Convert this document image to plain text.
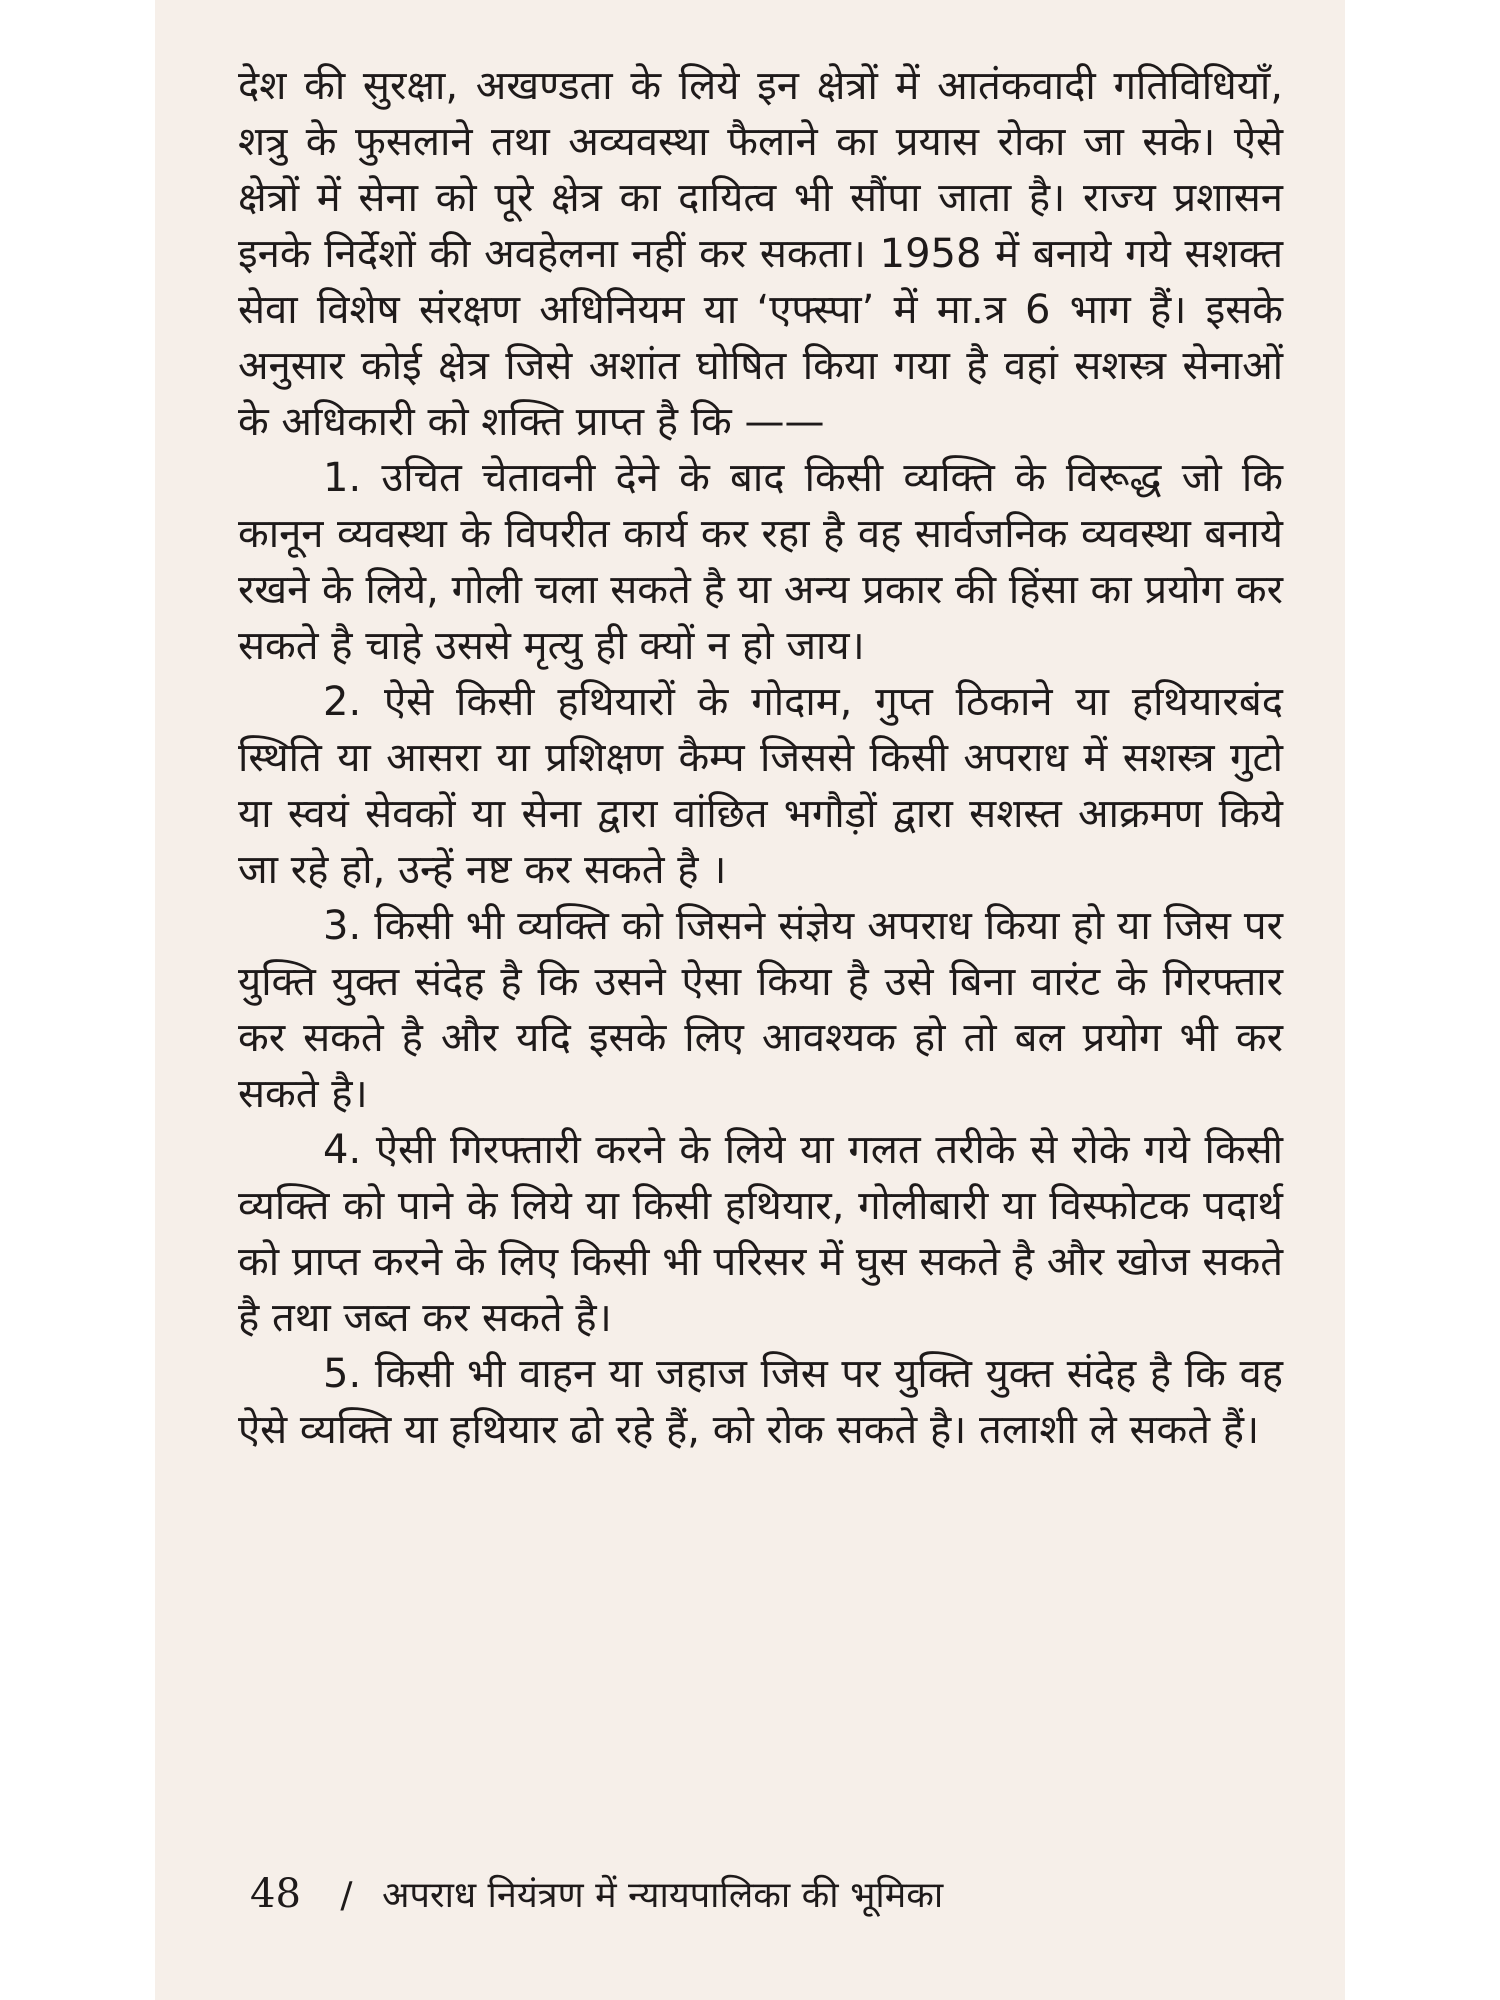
देश की सुरक्षा, अखण्डता के लिये इन क्षेत्रों में आतंकवादी गतिविधियाँ, शत्रु के फुसलाने तथा अव्यवस्था फैलाने का प्रयास रोका जा सके। ऐसे क्षेत्रों में सेना को पूरे क्षेत्र का दायित्व भी सौंपा जाता है। राज्य प्रशासन इनके निर्देशों की अवहेलना नहीं कर सकता। 1958 में बनाये गये सशक्त सेवा विशेष संरक्षण अधिनियम या ‘एफ्स्पा’ में मा.त्र 6 भाग हैं। इसके अनुसार कोई क्षेत्र जिसे अशांत घोषित किया गया है वहां सशस्त्र सेनाओं के अधिकारी को शक्ति प्राप्त है कि ——

1. उचित चेतावनी देने के बाद किसी व्यक्ति के विरूद्ध जो कि कानून व्यवस्था के विपरीत कार्य कर रहा है वह सार्वजनिक व्यवस्था बनाये रखने के लिये, गोली चला सकते है या अन्य प्रकार की हिंसा का प्रयोग कर सकते है चाहे उससे मृत्यु ही क्यों न हो जाय।

2. ऐसे किसी हथियारों के गोदाम, गुप्त ठिकाने या हथियारबंद स्थिति या आसरा या प्रशिक्षण कैम्प जिससे किसी अपराध में सशस्त्र गुटो या स्वयं सेवकों या सेना द्वारा वांछित भगौड़ों द्वारा सशस्त आक्रमण किये जा रहे हो, उन्हें नष्ट कर सकते है ।

3. किसी भी व्यक्ति को जिसने संज्ञेय अपराध किया हो या जिस पर युक्ति युक्त संदेह है कि उसने ऐसा किया है उसे बिना वारंट के गिरफ्तार कर सकते है और यदि इसके लिए आवश्यक हो तो बल प्रयोग भी कर सकते है।

4. ऐसी गिरफ्तारी करने के लिये या गलत तरीके से रोके गये किसी व्यक्ति को पाने के लिये या किसी हथियार, गोलीबारी या विस्फोटक पदार्थ को प्राप्त करने के लिए किसी भी परिसर में घुस सकते है और खोज सकते है तथा जब्त कर सकते है।

5. किसी भी वाहन या जहाज जिस पर युक्ति युक्त संदेह है कि वह ऐसे व्यक्ति या हथियार ढो रहे हैं, को रोक सकते है। तलाशी ले सकते हैं।

48 / अपराध नियंत्रण में न्यायपालिका की भूमिका
